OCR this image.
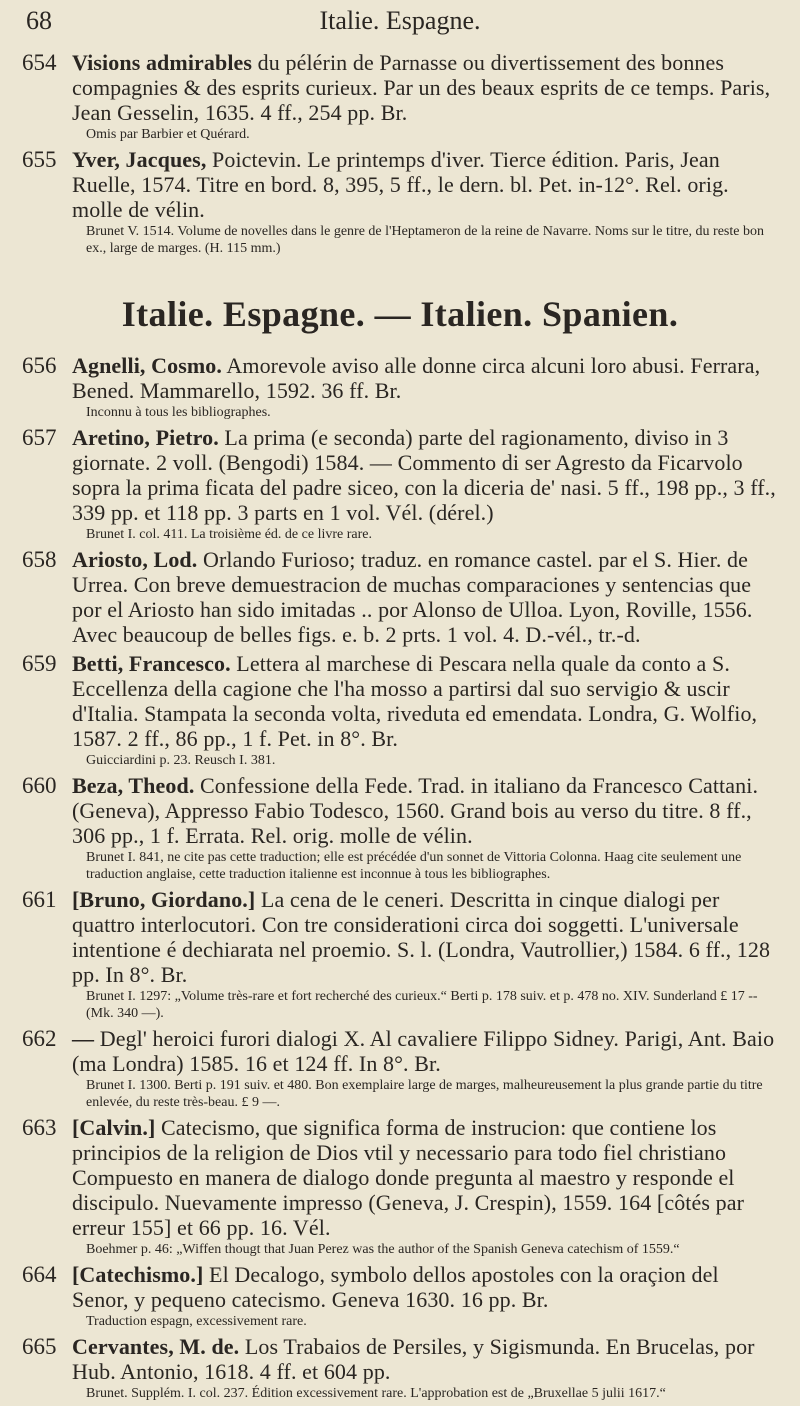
68	Italie. Espagne.
654 Visions admirables du pélérin de Parnasse ou divertissement des bonnes compagnies & des esprits curieux. Par un des beaux esprits de ce temps. Paris, Jean Gesselin, 1635. 4 ff., 254 pp. Br.
Omis par Barbier et Quérard.
655 Yver, Jacques, Poictevin. Le printemps d'iver. Tierce édition. Paris, Jean Ruelle, 1574. Titre en bord. 8, 395, 5 ff., le dern. bl. Pet. in-12°. Rel. orig. molle de vélin.
Brunet V. 1514. Volume de novelles dans le genre de l'Heptameron de la reine de Navarre. Noms sur le titre, du reste bon ex., large de marges. (H. 115 mm.)
Italie. Espagne. — Italien. Spanien.
656 Agnelli, Cosmo. Amorevole aviso alle donne circa alcuni loro abusi. Ferrara, Bened. Mammarello, 1592. 36 ff. Br.
Inconnu à tous les bibliographes.
657 Aretino, Pietro. La prima (e seconda) parte del ragionamento, diviso in 3 giornate. 2 voll. (Bengodi) 1584. — Commento di ser Agresto da Ficarvolo sopra la prima ficata del padre siceo, con la diceria de' nasi. 5 ff., 198 pp., 3 ff., 339 pp. et 118 pp. 3 parts en 1 vol. Vél. (dérel.)
Brunet I. col. 411. La troisième éd. de ce livre rare.
658 Ariosto, Lod. Orlando Furioso; traduz. en romance castel. par el S. Hier. de Urrea. Con breve demuestracion de muchas comparaciones y sentencias que por el Ariosto han sido imitadas .. por Alonso de Ulloa. Lyon, Roville, 1556. Avec beaucoup de belles figs. e. b. 2 prts. 1 vol. 4. D.-vél., tr.-d.
659 Betti, Francesco. Lettera al marchese di Pescara nella quale da conto a S. Eccellenza della cagione che l'ha mosso a partirsi dal suo servigio & uscir d'Italia. Stampata la seconda volta, riveduta ed emendata. Londra, G. Wolfio, 1587. 2 ff., 86 pp., 1 f. Pet. in 8°. Br.
Guicciardini p. 23. Reusch I. 381.
660 Beza, Theod. Confessione della Fede. Trad. in italiano da Francesco Cattani. (Geneva), Appresso Fabio Todesco, 1560. Grand bois au verso du titre. 8 ff., 306 pp., 1 f. Errata. Rel. orig. molle de vélin.
Brunet I. 841, ne cite pas cette traduction; elle est précédée d'un sonnet de Vittoria Colonna. Haag cite seulement une traduction anglaise, cette traduction italienne est inconnue à tous les bibliographes.
661 [Bruno, Giordano.] La cena de le ceneri. Descritta in cinque dialogi per quattro interlocutori. Con tre considerationi circa doi soggetti. L'universale intentione é dechiarata nel proemio. S. l. (Londra, Vautrollier,) 1584. 6 ff., 128 pp. In 8°. Br.
Brunet I. 1297: „Volume très-rare et fort recherché des curieux.“ Berti p. 178 suiv. et p. 478 no. XIV. Sunderland £ 17 -- (Mk. 340 —).
662 — Degl' heroici furori dialogi X. Al cavaliere Filippo Sidney. Parigi, Ant. Baio (ma Londra) 1585. 16 et 124 ff. In 8°. Br.
Brunet I. 1300. Berti p. 191 suiv. et 480. Bon exemplaire large de marges, malheureusement la plus grande partie du titre enlevée, du reste très-beau. £ 9 —.
663 [Calvin.] Catecismo, que significa forma de instrucion: que contiene los principios de la religion de Dios vtil y necessario para todo fiel christiano Compuesto en manera de dialogo donde pregunta al maestro y responde el discipulo. Nuevamente impresso (Geneva, J. Crespin), 1559. 164 [côtés par erreur 155] et 66 pp. 16. Vél.
Boehmer p. 46: „Wiffen thougt that Juan Perez was the author of the Spanish Geneva catechism of 1559.“
664 [Catechismo.] El Decalogo, symbolo dellos apostoles con la oraçion del Senor, y pequeno catecismo. Geneva 1630. 16 pp. Br.
Traduction espagn, excessivement rare.
665 Cervantes, M. de. Los Trabaios de Persiles, y Sigismunda. En Brucelas, por Hub. Antonio, 1618. 4 ff. et 604 pp.
Brunet. Supplém. I. col. 237. Édition excessivement rare. L'approbation est de „Bruxellae 5 julii 1617.“
